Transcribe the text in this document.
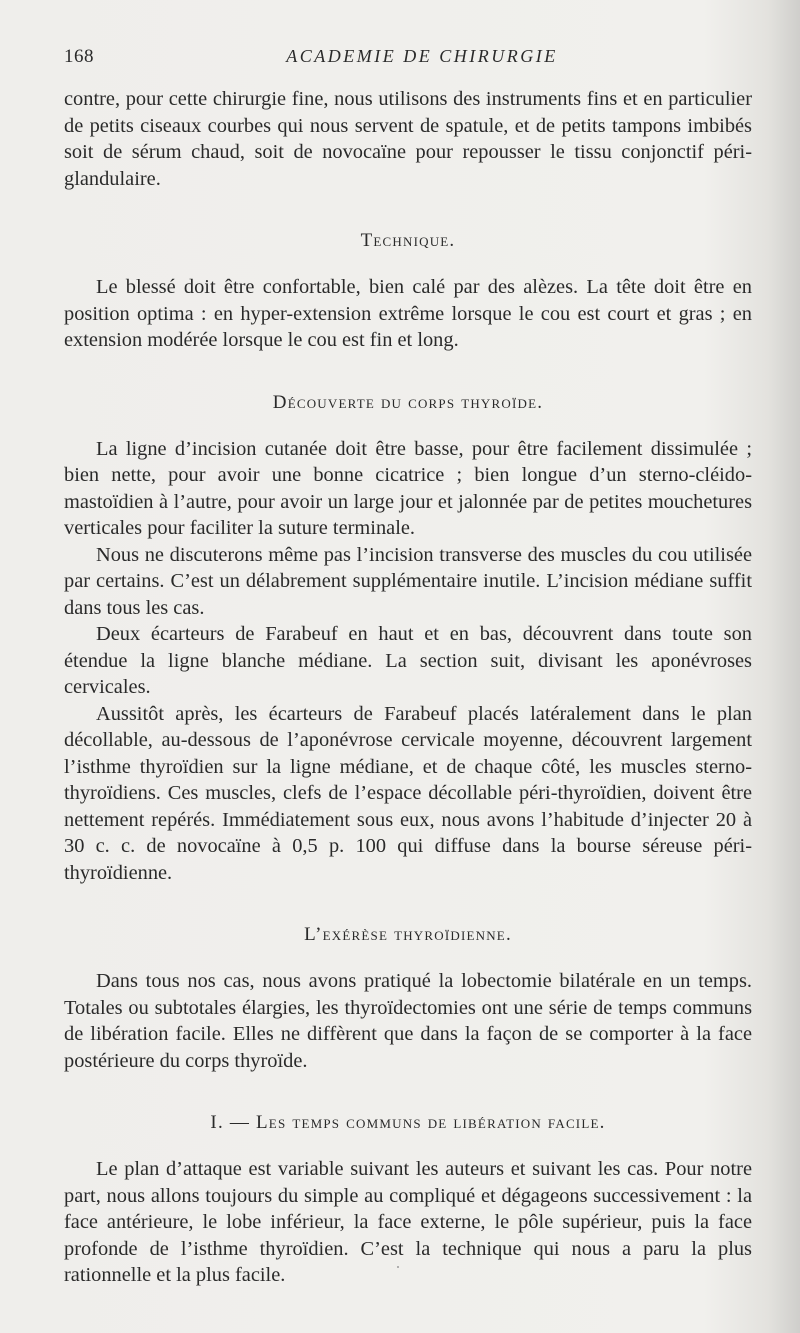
168	ACADEMIE DE CHIRURGIE

contre, pour cette chirurgie fine, nous utilisons des instruments fins et en particulier de petits ciseaux courbes qui nous servent de spatule, et de petits tampons imbibés soit de sérum chaud, soit de novocaïne pour repousser le tissu conjonctif péri-glandulaire.

Technique.

Le blessé doit être confortable, bien calé par des alèzes. La tête doit être en position optima : en hyper-extension extrême lorsque le cou est court et gras ; en extension modérée lorsque le cou est fin et long.

Découverte du corps thyroïde.

La ligne d’incision cutanée doit être basse, pour être facilement dissimulée ; bien nette, pour avoir une bonne cicatrice ; bien longue d’un sterno-cléido-mastoïdien à l’autre, pour avoir un large jour et jalonnée par de petites mouchetures verticales pour faciliter la suture terminale.

Nous ne discuterons même pas l’incision transverse des muscles du cou utilisée par certains. C’est un délabrement supplémentaire inutile. L’incision médiane suffit dans tous les cas.

Deux écarteurs de Farabeuf en haut et en bas, découvrent dans toute son étendue la ligne blanche médiane. La section suit, divisant les aponévroses cervicales.

Aussitôt après, les écarteurs de Farabeuf placés latéralement dans le plan décollable, au-dessous de l’aponévrose cervicale moyenne, découvrent largement l’isthme thyroïdien sur la ligne médiane, et de chaque côté, les muscles sterno-thyroïdiens. Ces muscles, clefs de l’espace décollable péri-thyroïdien, doivent être nettement repérés. Immédiatement sous eux, nous avons l’habitude d’injecter 20 à 30 c. c. de novocaïne à 0,5 p. 100 qui diffuse dans la bourse séreuse péri-thyroïdienne.

L’exérèse thyroïdienne.

Dans tous nos cas, nous avons pratiqué la lobectomie bilatérale en un temps. Totales ou subtotales élargies, les thyroïdectomies ont une série de temps communs de libération facile. Elles ne diffèrent que dans la façon de se comporter à la face postérieure du corps thyroïde.

I. — Les temps communs de libération facile.

Le plan d’attaque est variable suivant les auteurs et suivant les cas. Pour notre part, nous allons toujours du simple au compliqué et dégageons successivement : la face antérieure, le lobe inférieur, la face externe, le pôle supérieur, puis la face profonde de l’isthme thyroïdien. C’est la technique qui nous a paru la plus rationnelle et la plus facile.
